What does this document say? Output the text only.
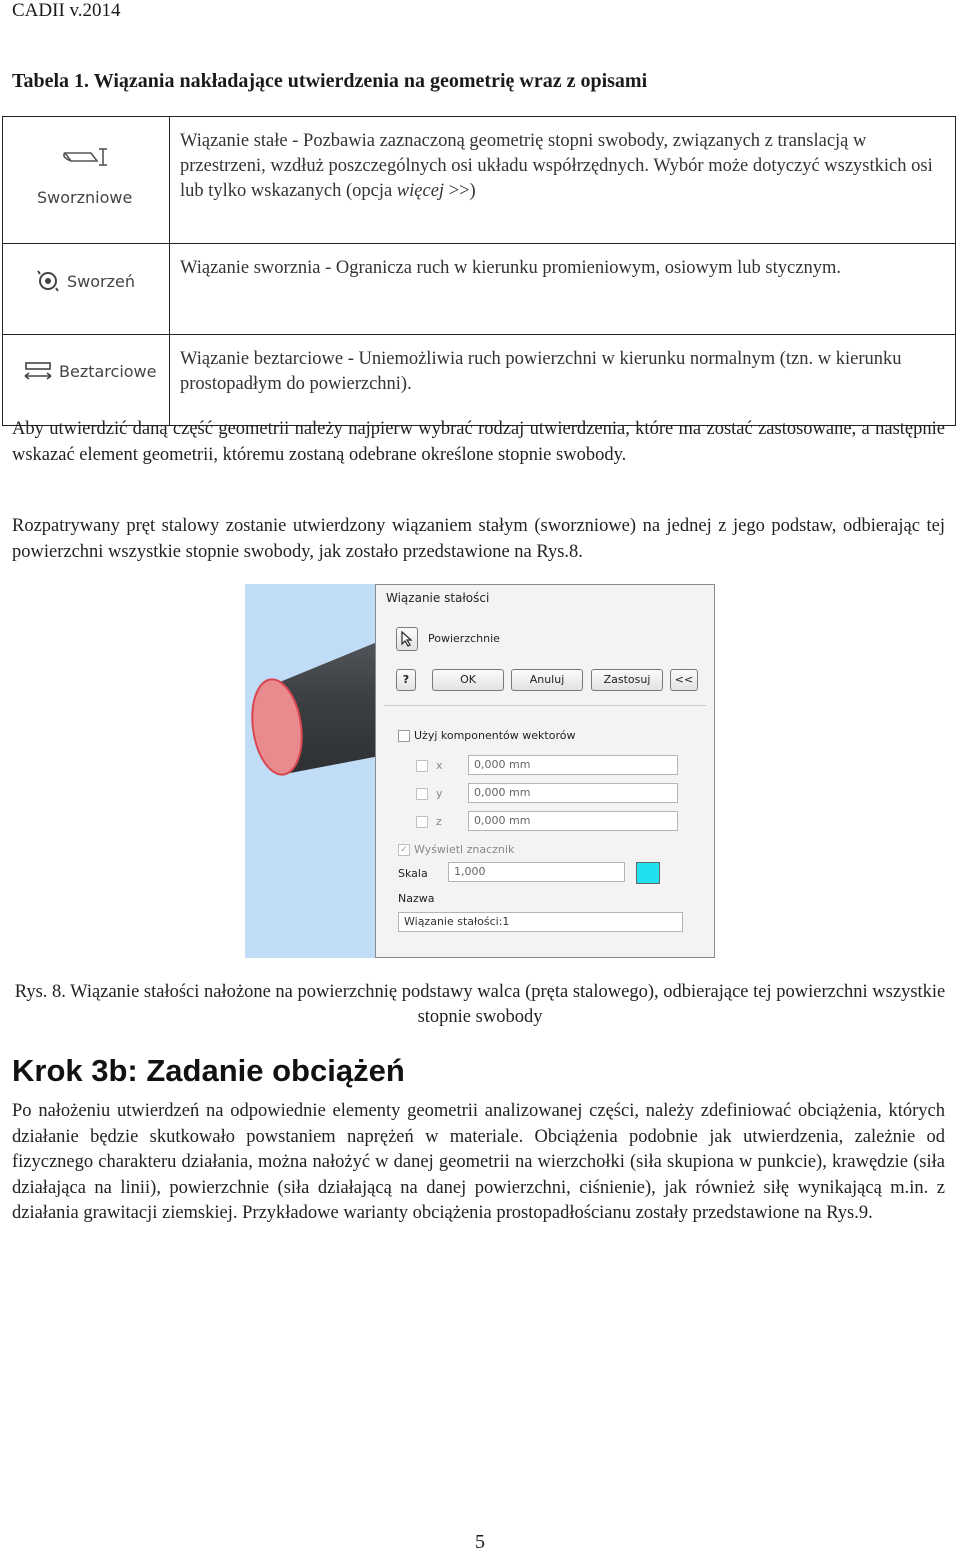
CADII v.2014
Tabela 1. Wiązania nakładające utwierdzenia na geometrię wraz z opisami
Sworzniowe	Wiązanie stałe - Pozbawia zaznaczoną geometrię stopni swobody, związanych z translacją w przestrzeni, wzdłuż poszczególnych osi układu współrzędnych. Wybór może dotyczyć wszystkich osi lub tylko wskazanych (opcja więcej >>)

Sworzeń	Wiązanie sworznia - Ogranicza ruch w kierunku promieniowym, osiowym lub stycznym.

Beztarciowe	Wiązanie beztarciowe - Uniemożliwia ruch powierzchni w kierunku normalnym (tzn. w kierunku prostopadłym do powierzchni).
Aby utwierdzić daną część geometrii należy najpierw wybrać rodzaj utwierdzenia, które ma zostać zastosowane, a następnie wskazać element geometrii, któremu zostaną odebrane określone stopnie swobody.
Rozpatrywany pręt stalowy zostanie utwierdzony wiązaniem stałym (sworzniowe) na jednej z jego podstaw, odbierając tej powierzchni wszystkie stopnie swobody, jak zostało przedstawione na Rys.8.
Wiązanie stałości
Powierzchnie
?	OK	Anuluj	Zastosuj	<<
Użyj komponentów wektorów
x	0,000 mm
y	0,000 mm
z	0,000 mm
✓ Wyświetl znacznik
Skala	1,000
Nazwa
Wiązanie stałości:1
Rys. 8. Wiązanie stałości nałożone na powierzchnię podstawy walca (pręta stalowego), odbierające tej powierzchni wszystkie stopnie swobody
Krok 3b: Zadanie obciążeń
Po nałożeniu utwierdzeń na odpowiednie elementy geometrii analizowanej części, należy zdefiniować obciążenia, których działanie będzie skutkowało powstaniem naprężeń w materiale. Obciążenia podobnie jak utwierdzenia, zależnie od fizycznego charakteru działania, można nałożyć w danej geometrii na wierzchołki (siła skupiona w punkcie), krawędzie (siła działająca na linii), powierzchnie (siła działającą na danej powierzchni, ciśnienie), jak również siłę wynikającą m.in. z działania grawitacji ziemskiej. Przykładowe warianty obciążenia prostopadłościanu zostały przedstawione na Rys.9.
5
